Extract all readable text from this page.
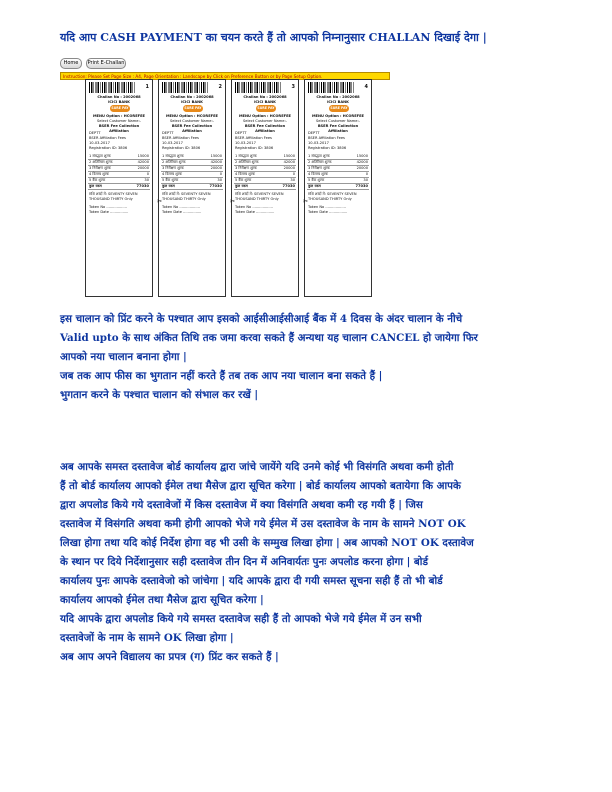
यदि आप CASH PAYMENT का चयन करते हैं तो आपको निम्नानुसार CHALLAN दिखाई देगा |
Home	Print E-Challan
Instruction: Please Set Page Size : A4, Page Orientation : Landscape by Click on Preference Button or by Page Setup Option.
1
Challan No : 2002068
ICICI BANK
SURE PAY
MENU Option : HCOREFEE
Select Customer Name:-
BSER Fee Collection Affiliation
DEPTT
BSER Affiliation Fees
10-03-2017
Registration ID: 3806
1 संबद्धता शुल्क	15000
2 अतिरिक्त शुल्क	42000
3 निरीक्षण शुल्क	20000
4 विलम्ब शुल्क	0
5 बैंक शुल्क	30
कुल रकम	77030
राशि शब्दों में: SEVENTY SEVEN THOUSAND THIRTY Only
Token No ..................
Token Date ................
2
Challan No : 2002068
ICICI BANK
SURE PAY
MENU Option : HCOREFEE
Select Customer Name:-
BSER Fee Collection Affiliation
DEPTT
BSER Affiliation Fees
10-03-2017
Registration ID: 3806
1 संबद्धता शुल्क	15000
2 अतिरिक्त शुल्क	42000
3 निरीक्षण शुल्क	20000
4 विलम्ब शुल्क	0
5 बैंक शुल्क	30
कुल रकम	77030
राशि शब्दों में: SEVENTY SEVEN THOUSAND THIRTY Only
Token No ..................
Token Date ................
✂
3
Challan No : 2002068
ICICI BANK
SURE PAY
MENU Option : HCOREFEE
Select Customer Name:-
BSER Fee Collection Affiliation
DEPTT
BSER Affiliation Fees
10-03-2017
Registration ID: 3806
1 संबद्धता शुल्क	15000
2 अतिरिक्त शुल्क	42000
3 निरीक्षण शुल्क	20000
4 विलम्ब शुल्क	0
5 बैंक शुल्क	30
कुल रकम	77030
राशि शब्दों में: SEVENTY SEVEN THOUSAND THIRTY Only
Token No ..................
Token Date ................
✂
4
Challan No : 2002068
ICICI BANK
SURE PAY
MENU Option : HCOREFEE
Select Customer Name:-
BSER Fee Collection Affiliation
DEPTT
BSER Affiliation Fees
10-03-2017
Registration ID: 3806
1 संबद्धता शुल्क	15000
2 अतिरिक्त शुल्क	42000
3 निरीक्षण शुल्क	20000
4 विलम्ब शुल्क	0
5 बैंक शुल्क	30
कुल रकम	77030
राशि शब्दों में: SEVENTY SEVEN THOUSAND THIRTY Only
Token No ..................
Token Date ................
✂

इस चालान को प्रिंट करने के पश्चात आप इसको आईसीआईसीआई बैंक में 4 दिवस के अंदर चालान के नीचे

Valid upto के साथ अंकित तिथि तक जमा करवा सकते हैं अन्यथा यह चालान CANCEL हो जायेगा फिर

आपको नया चालान बनाना होगा |

जब तक आप फीस का भुगतान नहीं करते हैं तब तक आप नया चालान बना सकते हैं |

भुगतान करने के पश्चात चालान को संभाल कर रखें |

अब आपके समस्त दस्तावेज बोर्ड कार्यालय द्वारा जांचे जायेंगे यदि उनमे कोई भी विसंगति अथवा कमी होती

हैं तो बोर्ड कार्यालय आपको ईमेल तथा मैसेज द्वारा सूचित करेगा | बोर्ड कार्यालय आपको बतायेगा कि आपके

द्वारा अपलोड किये गये दस्तावेजों में किस दस्तावेज में क्या विसंगति अथवा कमी रह गयी हैं | जिस

दस्तावेज में विसंगति अथवा कमी होगी आपको भेजे गये ईमेल में उस दस्तावेज के नाम के सामने NOT OK

लिखा होगा तथा यदि कोई निर्देश होगा वह भी उसी के सम्मुख लिखा होगा | अब आपको NOT OK दस्तावेज

के स्थान पर दिये निर्देशानुसार सही दस्तावेज तीन दिन में अनिवार्यतः पुनः अपलोड करना होगा | बोर्ड

कार्यालय पुनः आपके दस्तावेजो को जांचेगा | यदि आपके द्वारा दी गयी समस्त सूचना सही हैं तो भी बोर्ड

कार्यालय आपको ईमेल तथा मैसेज द्वारा सूचित करेगा |

यदि आपके द्वारा अपलोड किये गये समस्त दस्तावेज सही हैं तो आपको भेजे गये ईमेल में उन सभी

दस्तावेजों के नाम के सामने OK लिखा होगा |

अब आप अपने विद्यालय का प्रपत्र (ग) प्रिंट कर सकते हैं |
